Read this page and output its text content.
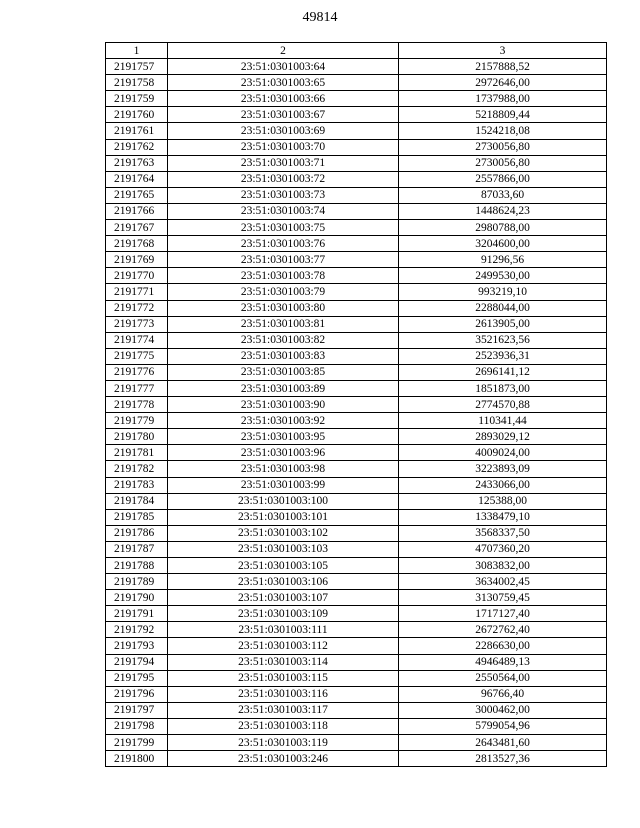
49814
1	2	3
2191757	23:51:0301003:64	2157888,52
2191758	23:51:0301003:65	2972646,00
2191759	23:51:0301003:66	1737988,00
2191760	23:51:0301003:67	5218809,44
2191761	23:51:0301003:69	1524218,08
2191762	23:51:0301003:70	2730056,80
2191763	23:51:0301003:71	2730056,80
2191764	23:51:0301003:72	2557866,00
2191765	23:51:0301003:73	87033,60
2191766	23:51:0301003:74	1448624,23
2191767	23:51:0301003:75	2980788,00
2191768	23:51:0301003:76	3204600,00
2191769	23:51:0301003:77	91296,56
2191770	23:51:0301003:78	2499530,00
2191771	23:51:0301003:79	993219,10
2191772	23:51:0301003:80	2288044,00
2191773	23:51:0301003:81	2613905,00
2191774	23:51:0301003:82	3521623,56
2191775	23:51:0301003:83	2523936,31
2191776	23:51:0301003:85	2696141,12
2191777	23:51:0301003:89	1851873,00
2191778	23:51:0301003:90	2774570,88
2191779	23:51:0301003:92	110341,44
2191780	23:51:0301003:95	2893029,12
2191781	23:51:0301003:96	4009024,00
2191782	23:51:0301003:98	3223893,09
2191783	23:51:0301003:99	2433066,00
2191784	23:51:0301003:100	125388,00
2191785	23:51:0301003:101	1338479,10
2191786	23:51:0301003:102	3568337,50
2191787	23:51:0301003:103	4707360,20
2191788	23:51:0301003:105	3083832,00
2191789	23:51:0301003:106	3634002,45
2191790	23:51:0301003:107	3130759,45
2191791	23:51:0301003:109	1717127,40
2191792	23:51:0301003:111	2672762,40
2191793	23:51:0301003:112	2286630,00
2191794	23:51:0301003:114	4946489,13
2191795	23:51:0301003:115	2550564,00
2191796	23:51:0301003:116	96766,40
2191797	23:51:0301003:117	3000462,00
2191798	23:51:0301003:118	5799054,96
2191799	23:51:0301003:119	2643481,60
2191800	23:51:0301003:246	2813527,36
